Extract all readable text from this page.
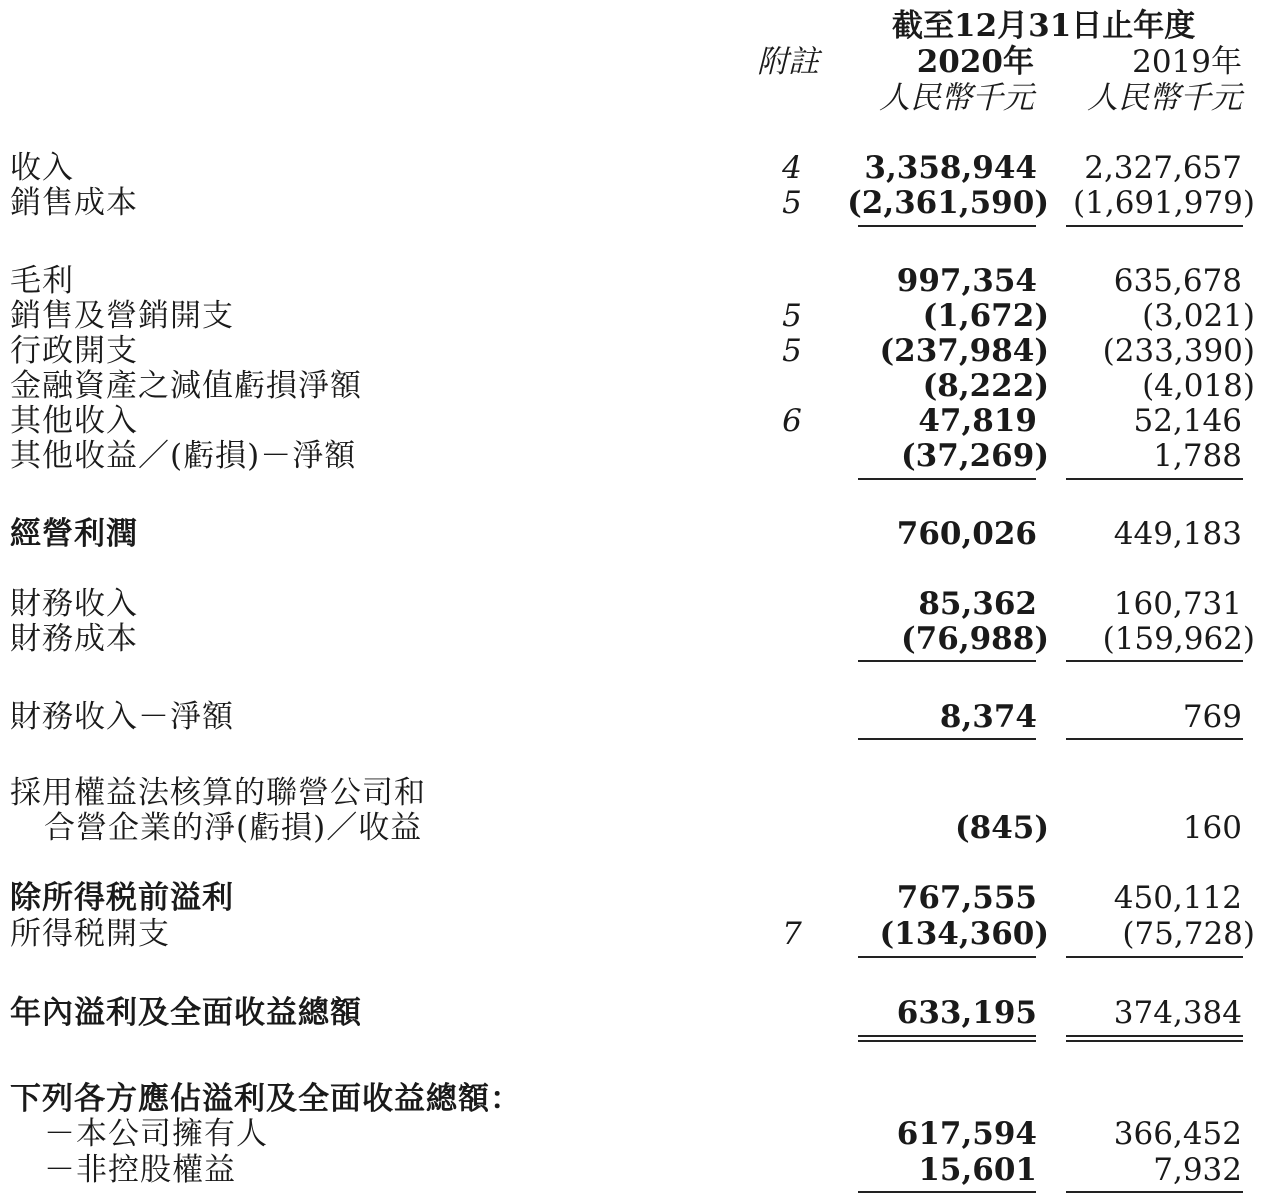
截至12月31日止年度
附註	2020年	2019年
人民幣千元 人民幣千元
收入	4 3,358,944 2,327,657
銷售成本	5 (2,361,590) (1,691,979)
毛利	997,354 635,678
銷售及營銷開支	5	(1,672)	(3,021)
行政開支	5	(237,984) (233,390)
金融資產之減值虧損淨額	(8,222)	(4,018)
其他收入	6	47,819	52,146
其他收益／(虧損)－淨額	(37,269)	1,788
經營利潤	760,026 449,183
財務收入	85,362 160,731
財務成本	(76,988) (159,962)
財務收入－淨額	8,374	769
採用權益法核算的聯營公司和
合營企業的淨(虧損)／收益	(845)	160
除所得税前溢利	767,555 450,112
所得税開支	7	(134,360) (75,728)
年內溢利及全面收益總額	633,195 374,384
下列各方應佔溢利及全面收益總額：
－本公司擁有人	617,594 366,452
－非控股權益	15,601	7,932
